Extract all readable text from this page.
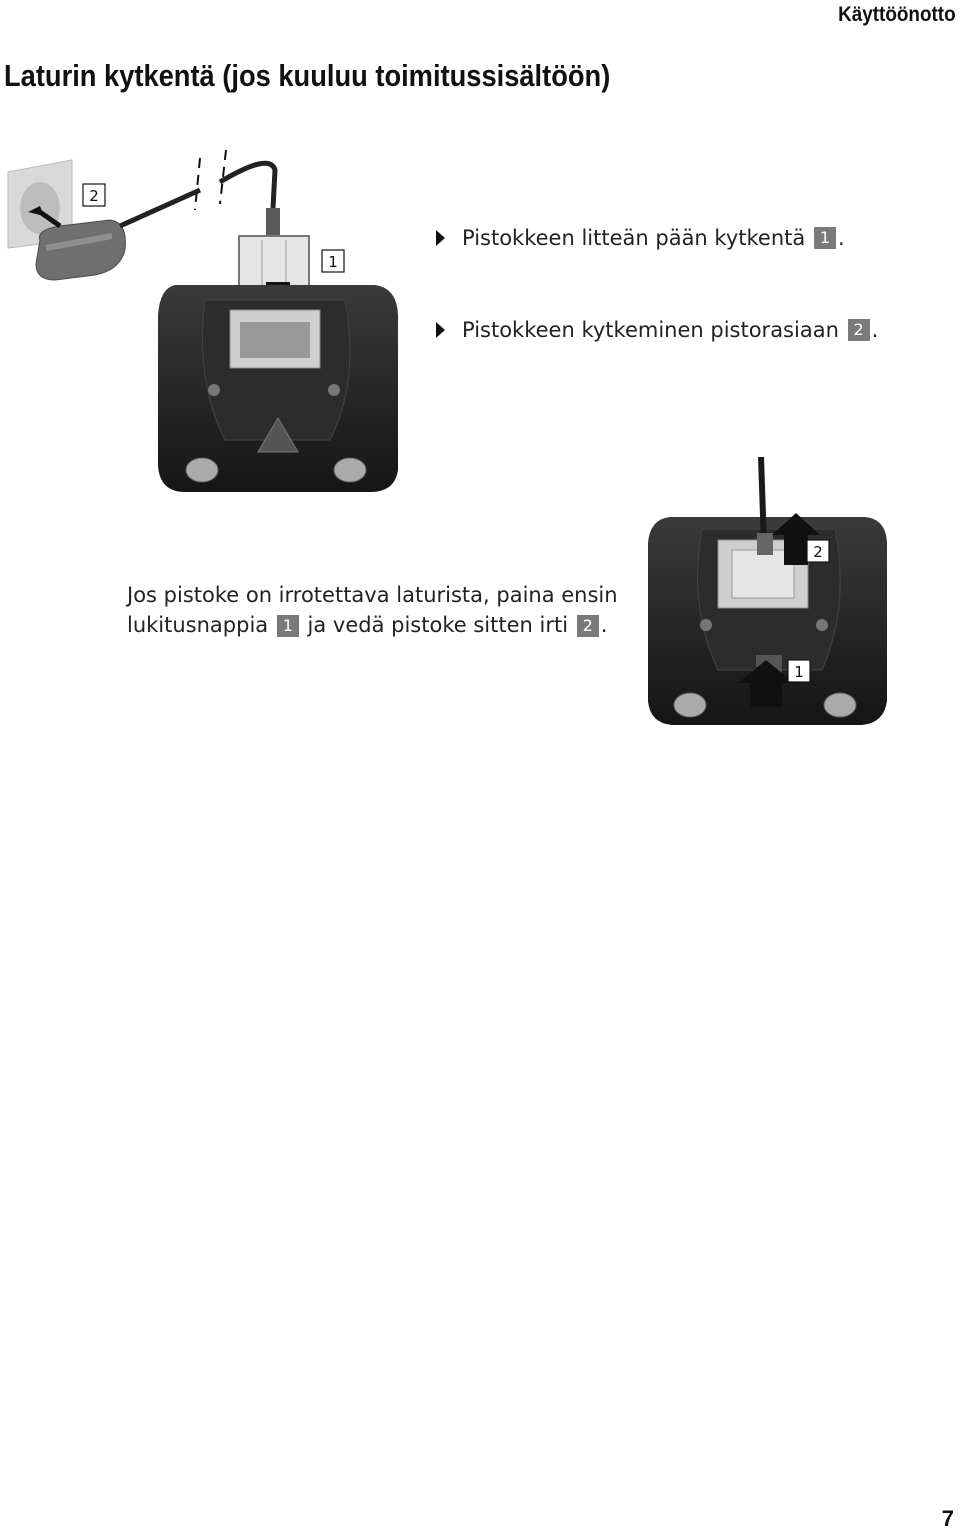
Käyttöönotto
Laturin kytkentä (jos kuuluu toimitussisältöön)
1
2
Pistokkeen litteän pään kytkentä
1 .
Pistokkeen kytkeminen pistorasiaan
2 .
1
2
Jos pistoke on irrotettava laturista, paina ensin
lukitusnappia 1 ja vedä pistoke sitten irti 2 .
7
